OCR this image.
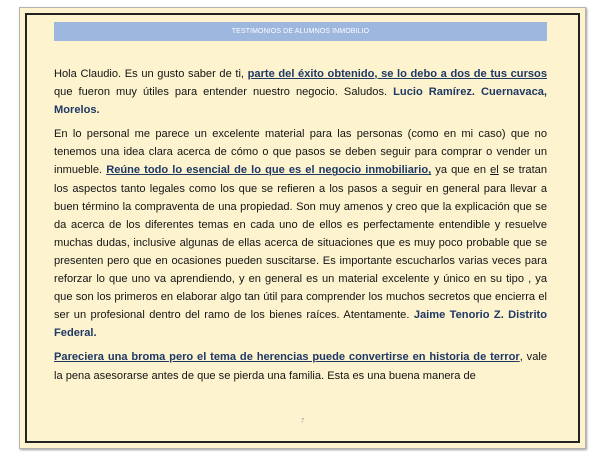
TESTIMONIOS DE ALUMNOS INMOBILIO

Hola Claudio. Es un gusto saber de ti, parte del éxito obtenido, se lo debo a dos de tus cursos que fueron muy útiles para entender nuestro negocio. Saludos. Lucio Ramírez. Cuernavaca, Morelos.

En lo personal me parece un excelente material para las personas (como en mi caso) que no tenemos una idea clara acerca de cómo o que pasos se deben seguir para comprar o vender un inmueble. Reúne todo lo esencial de lo que es el negocio inmobiliario, ya que en el se tratan los aspectos tanto legales como los que se refieren a los pasos a seguir en general para llevar a buen término la compraventa de una propiedad. Son muy amenos y creo que la explicación que se da acerca de los diferentes temas en cada uno de ellos es perfectamente entendible y resuelve muchas dudas, inclusive algunas de ellas acerca de situaciones que es muy poco probable que se presenten pero que en ocasiones pueden suscitarse. Es importante escucharlos varias veces para reforzar lo que uno va aprendiendo, y en general es un material excelente y único en su tipo , ya que son los primeros en elaborar algo tan útil para comprender los muchos secretos que encierra el ser un profesional dentro del ramo de los bienes raíces. Atentamente. Jaime Tenorio Z. Distrito Federal.

Pareciera una broma pero el tema de herencias puede convertirse en historia de terror, vale la pena asesorarse antes de que se pierda una familia. Esta es una buena manera de

7
